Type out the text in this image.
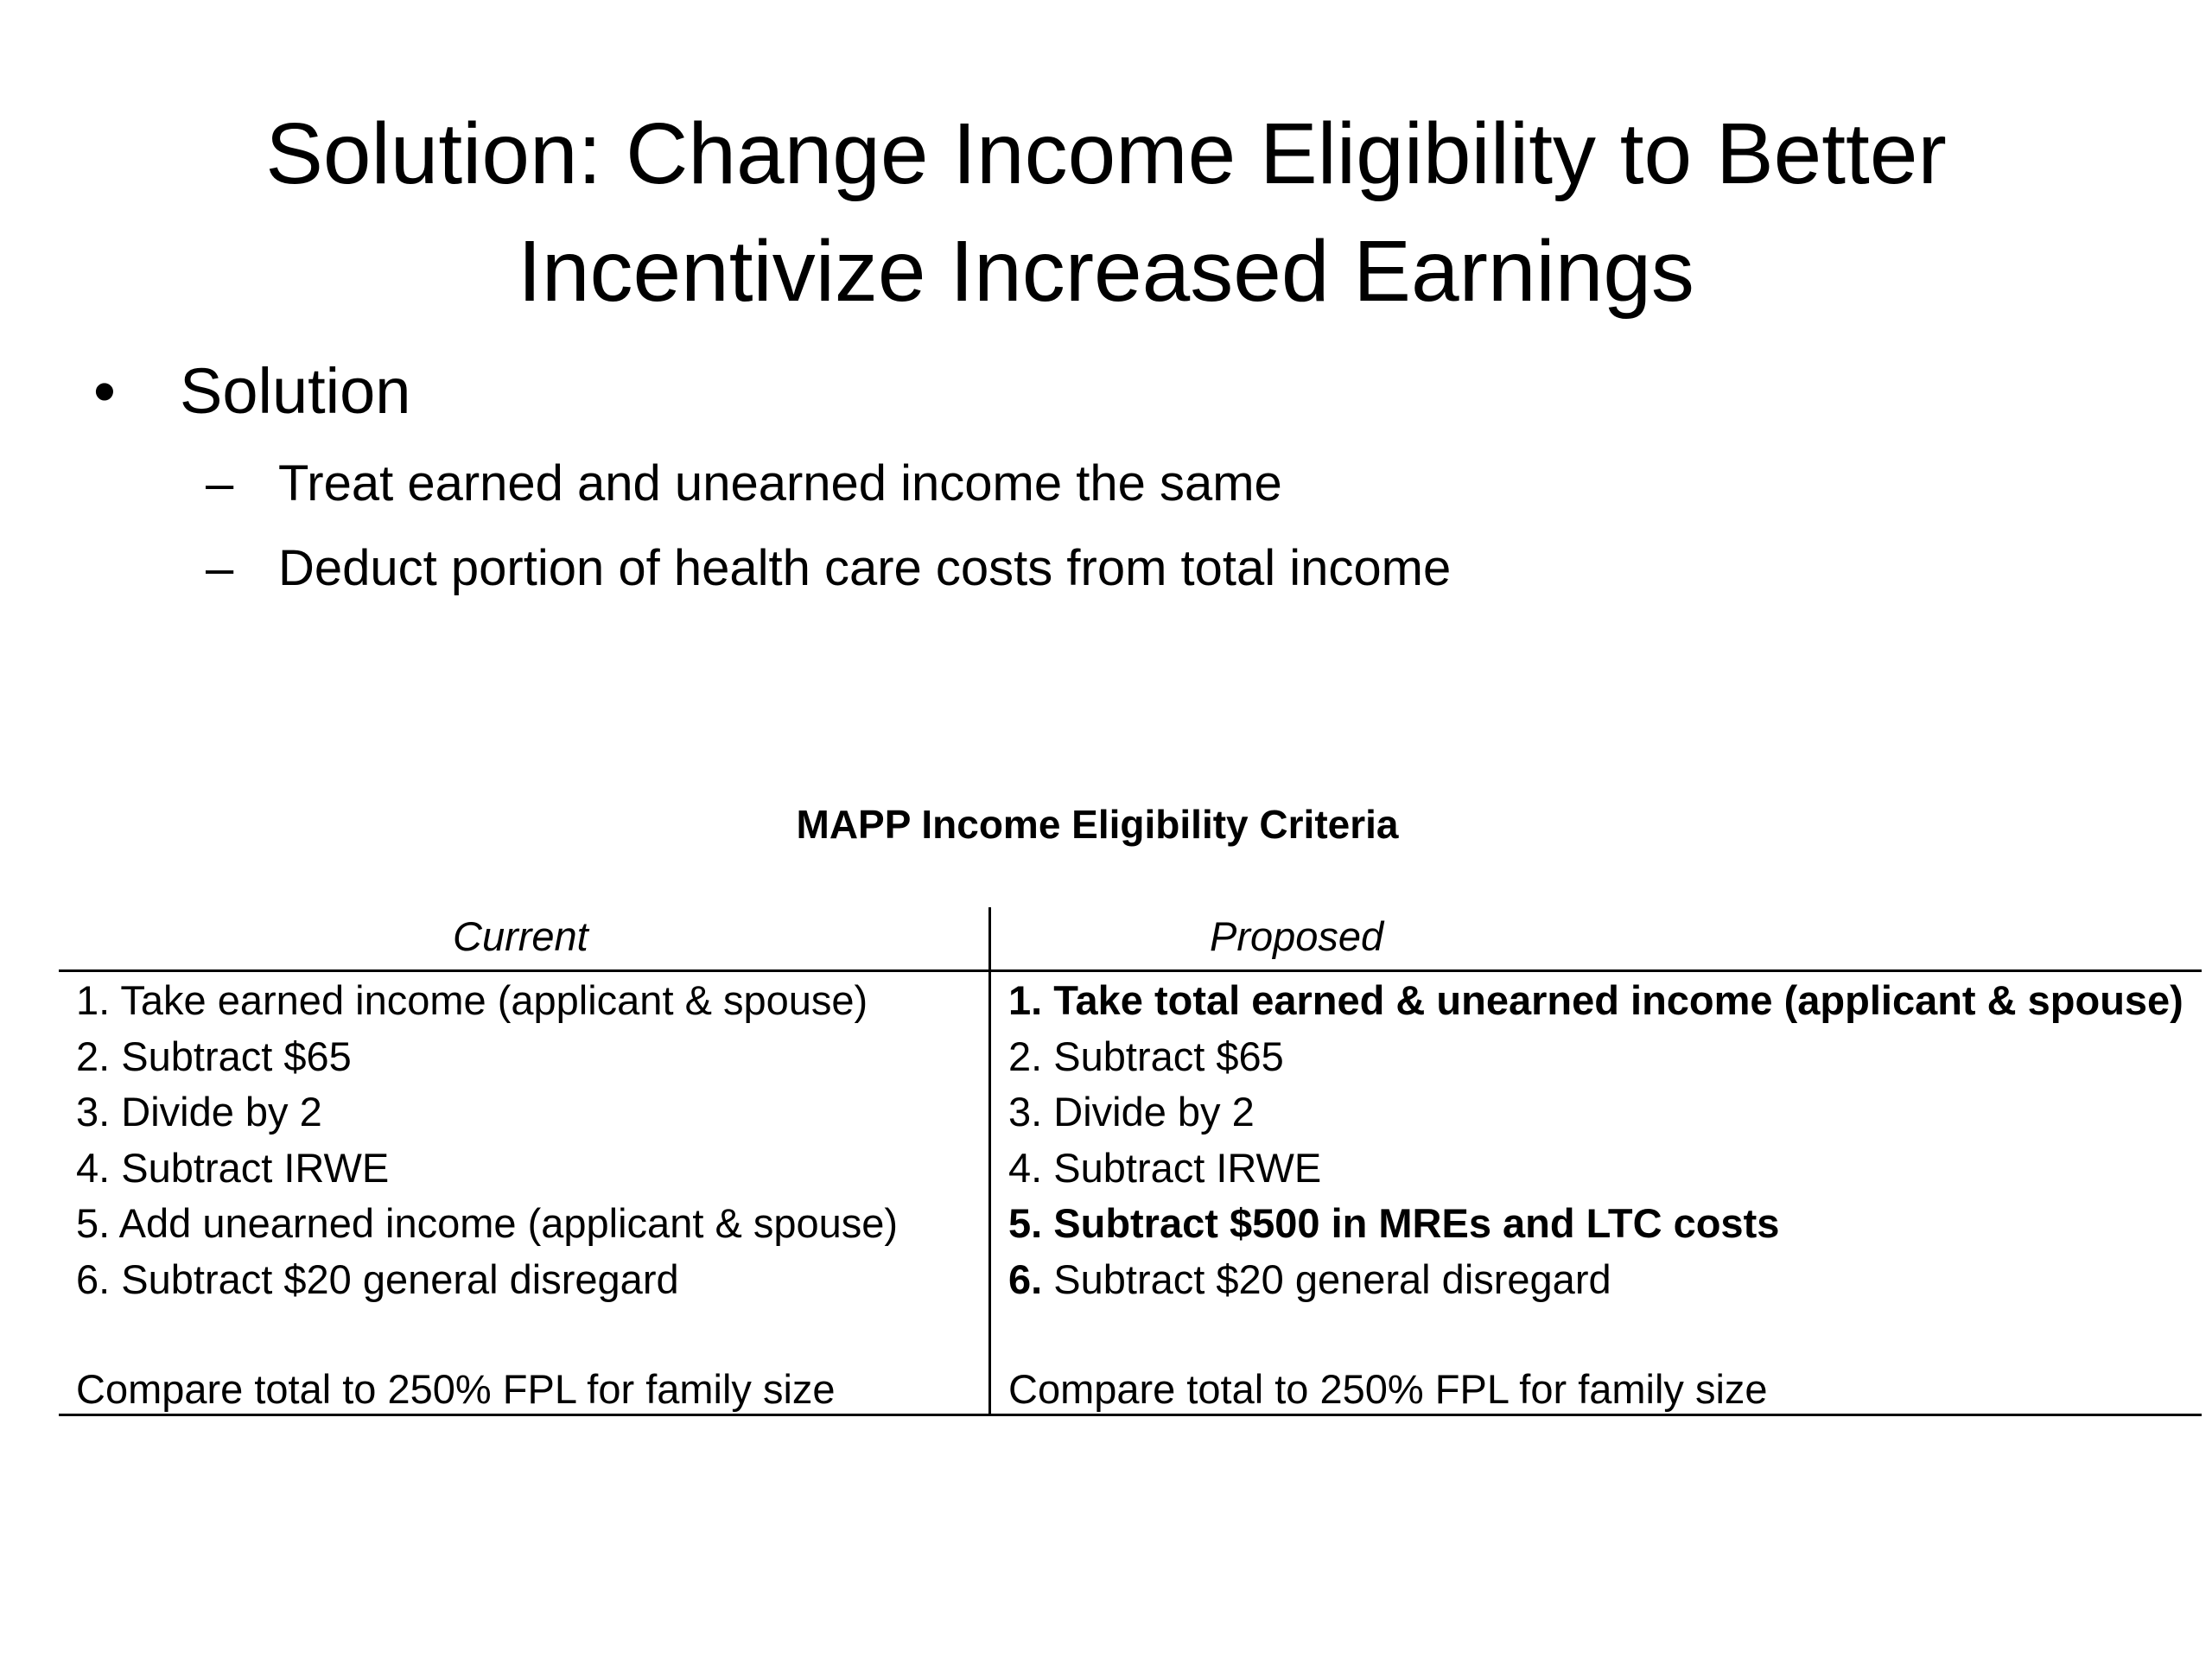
Solution: Change Income Eligibility to Better
Incentivize Increased Earnings
• Solution
– Treat earned and unearned income the same
– Deduct portion of health care costs from total income
MAPP Income Eligibility Criteria
Current	Proposed
1. Take earned income (applicant & spouse)
2. Subtract $65
3. Divide by 2
4. Subtract IRWE
5. Add unearned income (applicant & spouse)
6. Subtract $20 general disregard
1. Take total earned & unearned income (applicant & spouse)
2. Subtract $65
3. Divide by 2
4. Subtract IRWE
5. Subtract $500 in MREs and LTC costs
6. Subtract $20 general disregard
Compare total to 250% FPL for family size	Compare total to 250% FPL for family size
